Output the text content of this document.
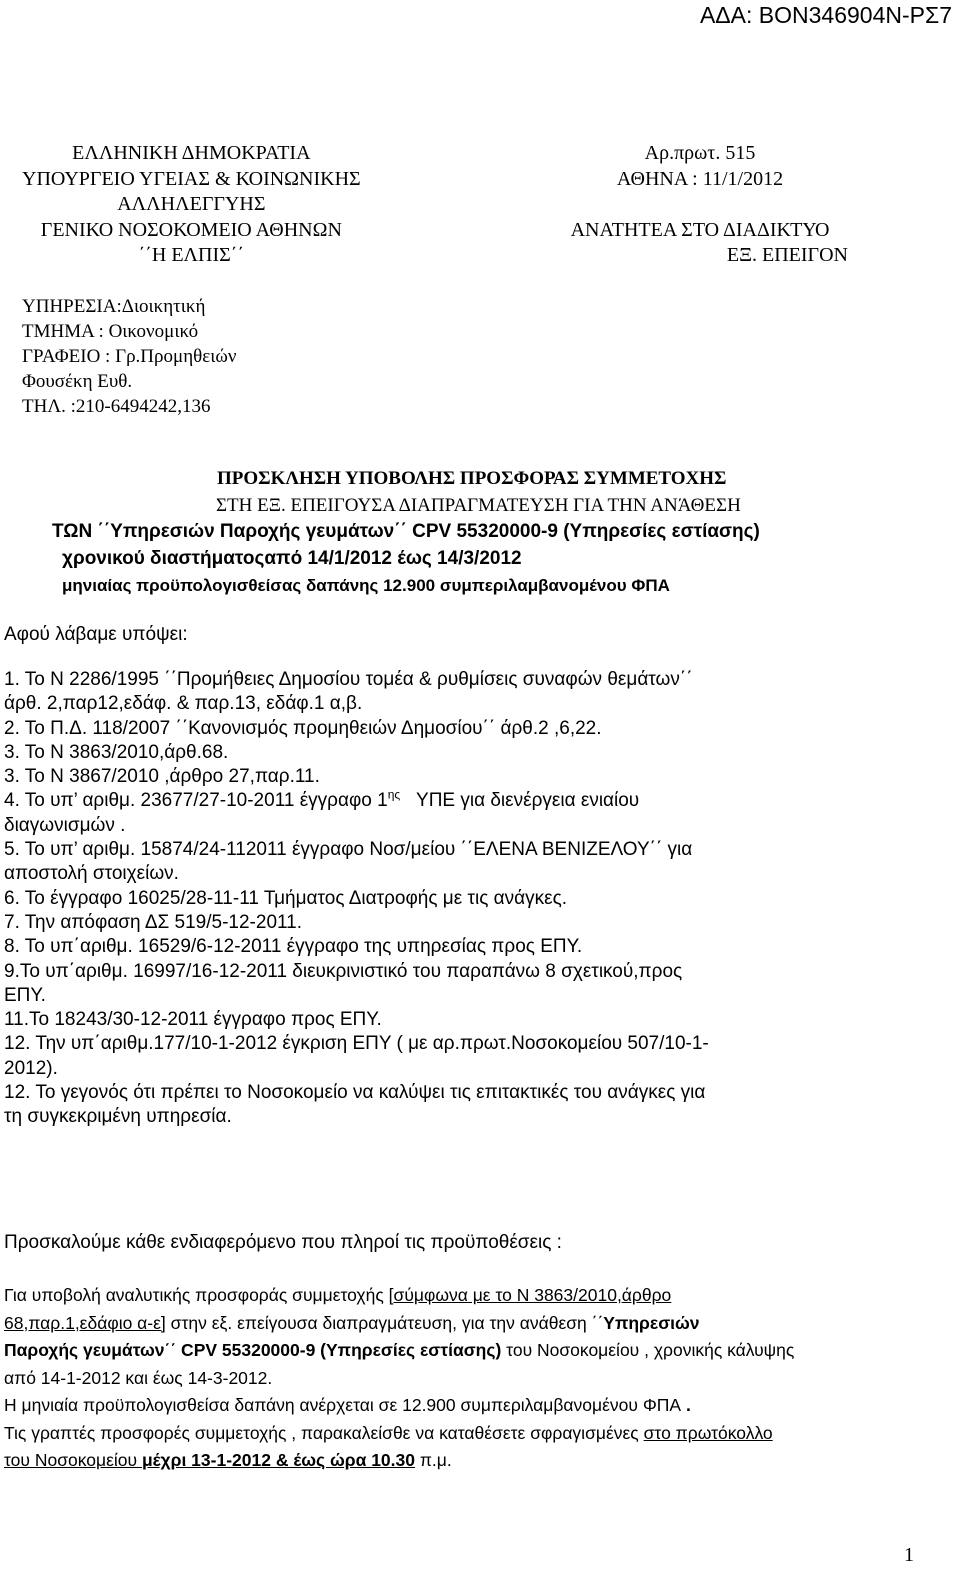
ΑΔΑ: ΒΟΝ346904Ν-ΡΣ7
ΕΛΛΗΝΙΚΗ ΔΗΜΟΚΡΑΤΙΑ
ΥΠΟΥΡΓΕΙΟ ΥΓΕΙΑΣ & ΚΟΙΝΩΝΙΚΗΣ
ΑΛΛΗΛΕΓΓΥΗΣ
ΓΕΝΙΚΟ ΝΟΣΟΚΟΜΕΙΟ ΑΘΗΝΩΝ
΄΄Η ΕΛΠΙΣ΄΄
Αρ.πρωτ. 515
ΑΘΗΝΑ : 11/1/2012
ΑΝΑΤΗΤΕΑ ΣΤΟ ΔΙΑΔΙΚΤΥΟ
ΕΞ. ΕΠΕΙΓΟΝ
ΥΠΗΡΕΣΙΑ:Διοικητική
ΤΜΗΜΑ : Οικονομικό
ΓΡΑΦΕΙΟ : Γρ.Προμηθειών
Φουσέκη Ευθ.
ΤΗΛ. :210-6494242,136
ΠΡΟΣΚΛΗΣΗ ΥΠΟΒΟΛΗΣ ΠΡΟΣΦΟΡΑΣ ΣΥΜΜΕΤΟΧΗΣ
ΣΤΗ ΕΞ. ΕΠΕΙΓΟΥΣΑ ΔΙΑΠΡΑΓΜΑΤΕΥΣΗ ΓΙΑ ΤΗΝ ΑΝΆΘΕΣΗ
ΤΩΝ ΄΄Υπηρεσιών Παροχής γευμάτων΄΄ CPV 55320000-9 (Υπηρεσίες εστίασης)
χρονικού διαστήματοςαπό 14/1/2012 έως 14/3/2012
μηνιαίας προϋπολογισθείσας δαπάνης 12.900 συμπεριλαμβανομένου ΦΠΑ
Αφού λάβαμε υπόψει:
1. Το Ν 2286/1995 ΄΄Προμήθειες Δημοσίου τομέα & ρυθμίσεις συναφών θεμάτων΄΄
άρθ. 2,παρ12,εδάφ. & παρ.13, εδάφ.1 α,β.
2. Το Π.Δ. 118/2007 ΄΄Κανονισμός προμηθειών Δημοσίου΄΄ άρθ.2 ,6,22.
3. Το Ν 3863/2010,άρθ.68.
3. Το Ν 3867/2010 ,άρθρο 27,παρ.11.
4. Το υπ’ αριθμ. 23677/27-10-2011 έγγραφο $1^{\eta\varsigma}$ ΥΠΕ για διενέργεια ενιαίου
διαγωνισμών .
5. Το υπ’ αριθμ. 15874/24-112011 έγγραφο Νοσ/μείου ΄΄ΕΛΕΝΑ ΒΕΝΙΖΕΛΟΥ΄΄ για
αποστολή στοιχείων.
6. Το έγγραφο 16025/28-11-11 Τμήματος Διατροφής με τις ανάγκες.
7. Την απόφαση ΔΣ 519/5-12-2011.
8. Το υπ΄αριθμ. 16529/6-12-2011 έγγραφο της υπηρεσίας προς ΕΠΥ.
9.Το υπ΄αριθμ. 16997/16-12-2011 διευκρινιστικό του παραπάνω 8 σχετικού,προς
ΕΠΥ.
11.Το 18243/30-12-2011 έγγραφο προς ΕΠΥ.
12. Την υπ΄αριθμ.177/10-1-2012 έγκριση ΕΠΥ ( με αρ.πρωτ.Νοσοκομείου 507/10-1-
2012).
12. Το γεγονός ότι πρέπει το Νοσοκομείο να καλύψει τις επιτακτικές του ανάγκες για
τη συγκεκριμένη υπηρεσία.
Προσκαλούμε κάθε ενδιαφερόμενο που πληροί τις προϋποθέσεις :
Για υποβολή αναλυτικής προσφοράς συμμετοχής [σύμφωνα με το Ν 3863/2010,άρθρο
68,παρ.1,εδάφιο α-ε] στην εξ. επείγουσα διαπραγμάτευση, για την ανάθεση ΄΄Υπηρεσιών
Παροχής γευμάτων΄΄ CPV 55320000-9 (Υπηρεσίες εστίασης) του Νοσοκομείου , χρονικής κάλυψης
από 14-1-2012 και έως 14-3-2012.
Η μηνιαία προϋπολογισθείσα δαπάνη ανέρχεται σε 12.900 συμπεριλαμβανομένου ΦΠΑ .
Τις γραπτές προσφορές συμμετοχής , παρακαλείσθε να καταθέσετε σφραγισμένες στο πρωτόκολλο
του Νοσοκομείου μέχρι 13-1-2012 & έως ώρα 10.30 π.μ.
1
